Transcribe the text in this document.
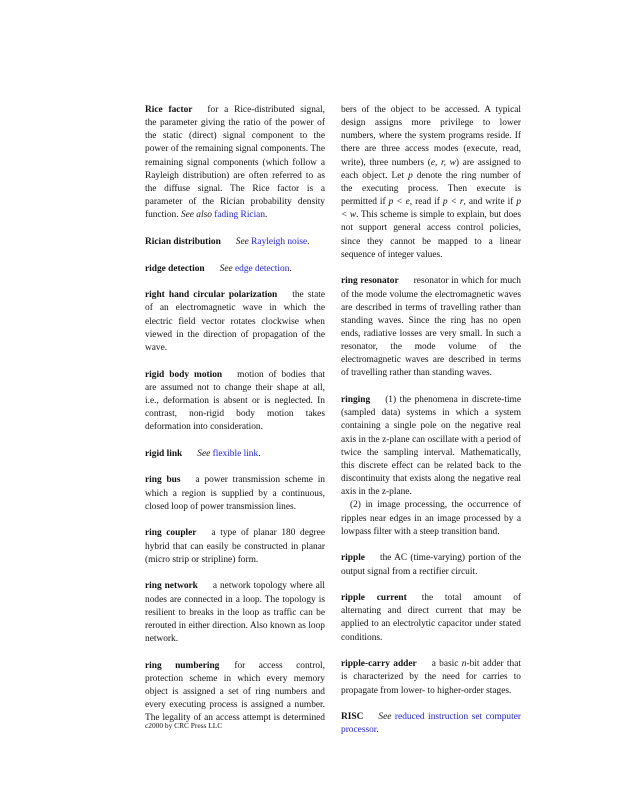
Rice factor for a Rice-distributed signal, the parameter giving the ratio of the power of the static (direct) signal component to the power of the remaining signal components. The remaining signal components (which follow a Rayleigh distribution) are often referred to as the diffuse signal. The Rice factor is a parameter of the Rician probability density function. See also fading Rician.
Rician distribution See Rayleigh noise.
ridge detection See edge detection.
right hand circular polarization the state of an electromagnetic wave in which the electric field vector rotates clockwise when viewed in the direction of propagation of the wave.
rigid body motion motion of bodies that are assumed not to change their shape at all, i.e., deformation is absent or is neglected. In contrast, non-rigid body motion takes deformation into consideration.
rigid link See flexible link.
ring bus a power transmission scheme in which a region is supplied by a continuous, closed loop of power transmission lines.
ring coupler a type of planar 180 degree hybrid that can easily be constructed in planar (micro strip or stripline) form.
ring network a network topology where all nodes are connected in a loop. The topology is resilient to breaks in the loop as traffic can be rerouted in either direction. Also known as loop network.
ring numbering for access control, protection scheme in which every memory object is assigned a set of ring numbers and every executing process is assigned a number. The legality of an access attempt is determined
bers of the object to be accessed. A typical design assigns more privilege to lower numbers, where the system programs reside. If there are three access modes (execute, read, write), three numbers (e, r, w) are assigned to each object. Let p denote the ring number of the executing process. Then execute is permitted if p < e, read if p < r, and write if p < w. This scheme is simple to explain, but does not support general access control policies, since they cannot be mapped to a linear sequence of integer values.
ring resonator resonator in which for much of the mode volume the electromagnetic waves are described in terms of travelling rather than standing waves. Since the ring has no open ends, radiative losses are very small. In such a resonator, the mode volume of the electromagnetic waves are described in terms of travelling rather than standing waves.

ringing (1) the phenomena in discrete-time (sampled data) systems in which a system containing a single pole on the negative real axis in the z-plane can oscillate with a period of twice the sampling interval. Mathematically, this discrete effect can be related back to the discontinuity that exists along the negative real axis in the z-plane.

(2) in image processing, the occurrence of ripples near edges in an image processed by a lowpass filter with a steep transition band.

ripple the AC (time-varying) portion of the output signal from a rectifier circuit.
ripple current the total amount of alternating and direct current that may be applied to an electrolytic capacitor under stated conditions.
ripple-carry adder a basic n-bit adder that is characterized by the need for carries to propagate from lower- to higher-order stages.
RISC See reduced instruction set computer processor.
c2000 by CRC Press LLC
